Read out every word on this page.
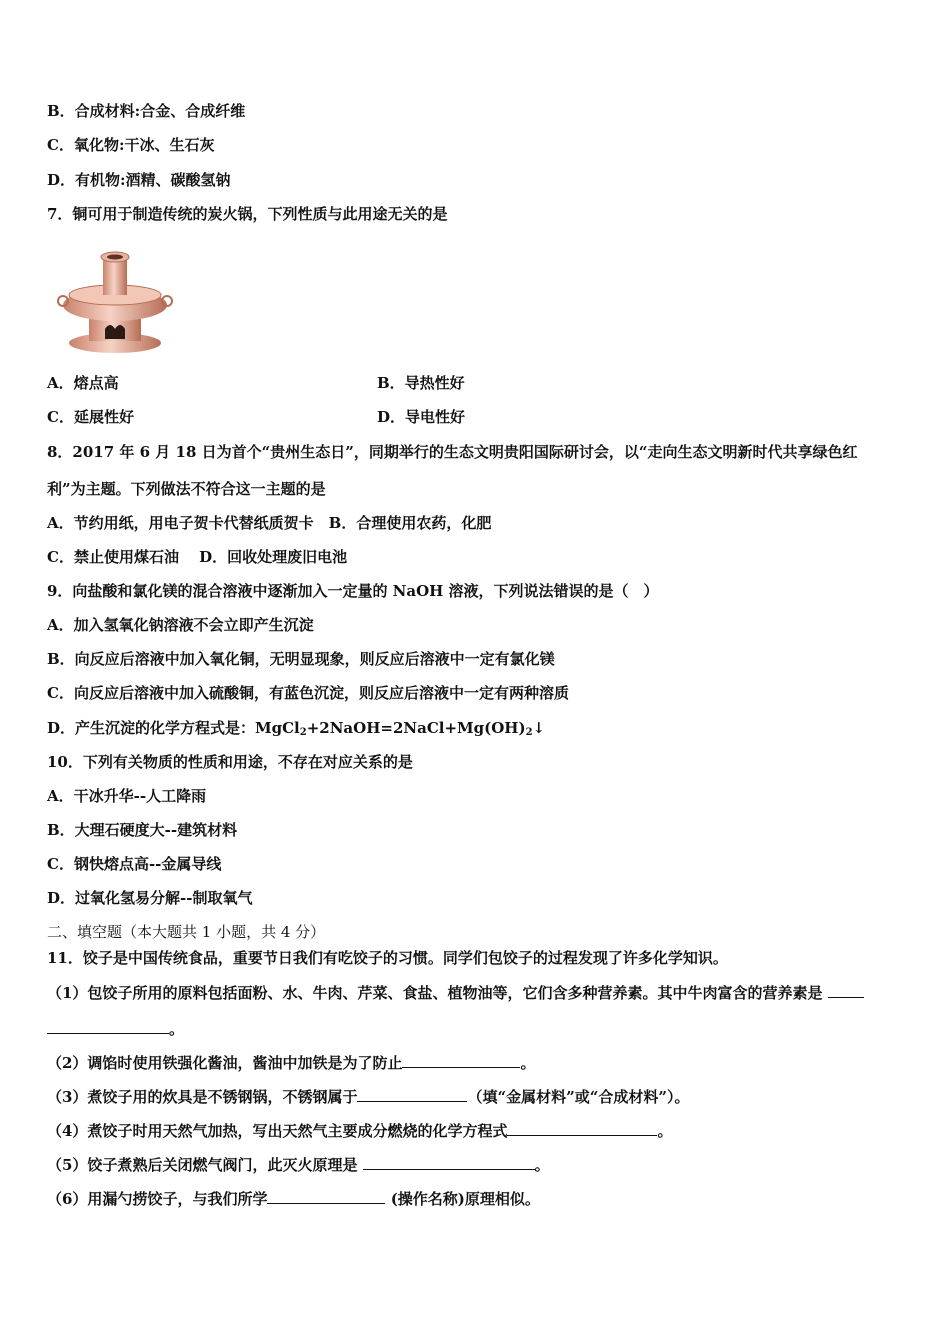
B．合成材料:合金、合成纤维
C．氧化物:干冰、生石灰
D．有机物:酒精、碳酸氢钠
7．铜可用于制造传统的炭火锅，下列性质与此用途无关的是
A．熔点高	B．导热性好
C．延展性好	D．导电性好
8．2017 年 6 月 18 日为首个“贵州生态日”，同期举行的生态文明贵阳国际研讨会，以“走向生态文明新时代共享绿色红
利”为主题。下列做法不符合这一主题的是
A．节约用纸，用电子贺卡代替纸质贺卡　B．合理使用农药，化肥
C．禁止使用煤石油　 D．回收处理废旧电池
9．向盐酸和氯化镁的混合溶液中逐渐加入一定量的 NaOH 溶液，下列说法错误的是（　）
A．加入氢氧化钠溶液不会立即产生沉淀
B．向反应后溶液中加入氧化铜，无明显现象，则反应后溶液中一定有氯化镁
C．向反应后溶液中加入硫酸铜，有蓝色沉淀，则反应后溶液中一定有两种溶质
D．产生沉淀的化学方程式是：$MgCl_2+2NaOH=2NaCl+Mg(OH)_2↓$
10．下列有关物质的性质和用途，不存在对应关系的是
A．干冰升华--人工降雨
B．大理石硬度大--建筑材料
C．钢快熔点高--金属导线
D．过氧化氢易分解--制取氧气
二、填空题（本大题共 1 小题，共 4 分）
11．饺子是中国传统食品，重要节日我们有吃饺子的习惯。同学们包饺子的过程发现了许多化学知识。
（1）包饺子所用的原料包括面粉、水、牛肉、芹菜、食盐、植物油等，它们含多种营养素。其中牛肉富含的营养素是
。
（2）调馅时使用铁强化酱油，酱油中加铁是为了防止	。
（3）煮饺子用的炊具是不锈钢锅，不锈钢属于	（填“金属材料”或“合成材料”）。
（4）煮饺子时用天然气加热，写出天然气主要成分燃烧的化学方程式	。
（5）饺子煮熟后关闭燃气阀门，此灭火原理是	。
（6）用漏勺捞饺子，与我们所学	(操作名称)原理相似。
